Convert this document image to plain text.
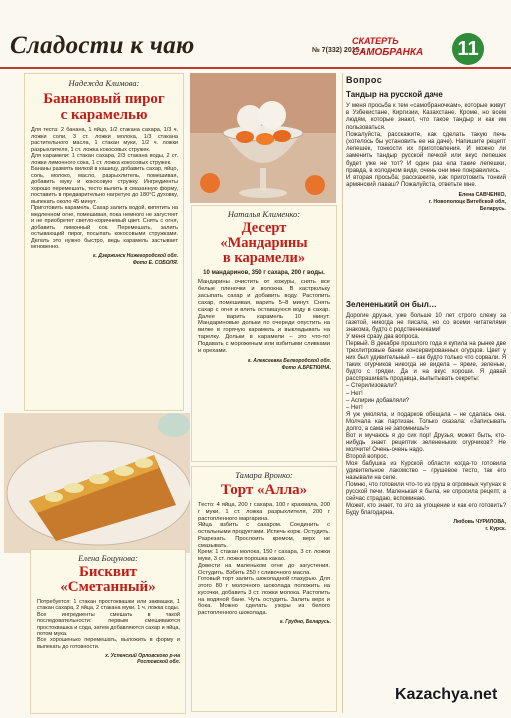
Сладости к чаю	№ 7(332) 2015 г.
СКАТЕРТЬ
САМОБРАНКА 11
Надежда Климова:
Банановый пирог
с карамелью
Для теста: 2 банана, 1 яйцо, 1/2 стакана сахара, 1/3 ч. ложки соли, 3 ст. ложки молока, 1/3 стакана растительного масла, 1 стакан муки, 1/2 ч. ложки разрыхлителя, 1 ст. ложка кокосовых стружек.
Для карамели: 1 стакан сахара, 2/3 стакана воды, 2 ст. ложки лимонного сока, 1 ст. ложка кокосовых стружек.
Бананы размять вилкой в кашицу, добавить сахар, яйцо, соль, молоко, масло, разрыхлитель, помешивая, добавить муку и кокосовую стружку. Ингредиенты хорошо перемешать, тесто вылить в смазанную форму, поставить в предварительно нагретую до 180°С духовку, выпекать около 45 минут.
Приготовить карамель. Сахар залить водой, кипятить на медленном огне, помешивая, пока немного не загустеет и не приобретет светло-коричневый цвет. Снять с огня, добавить лимонный сок. Перемешать, залить остывающий пирог, посыпать кокосовыми стружками. Делать это нужно быстро, ведь карамель застывает мгновенно.
г. Дзержинск Нижегородской обл.
Фото Е. СОБОЛЯ.
Елена Боцунова:
Бисквит
«Сметанный»
Потребуется: 1 стакан простоквашки или заквашки, 1 стакан сахара, 2 яйца, 2 стакана муки, 1 ч. ложка соды.
Все ингредиенты смешать в такой последовательности: первым смешиваются простоквашка и сода, затем добавляются сахар и яйца, потом мука.
Все хорошенько перемешать, выложить в форму и выпекать до готовности.
х. Успенский Орловского р-на
Ростовской обл.
Наталья Клименко:
Десерт
«Мандарины
в карамели»
10 мандаринов, 350 г сахара, 200 г воды.
Мандарины очистить от кожуры, снять все белые пленочки и волокна. В кастрюльку засыпать сахар и добавить воду. Растопить сахар, помешивая, варить 5–8 минут. Снять сахар с огня и влить оставшуюся воду в сахар. Далее варить карамель 10 минут. Мандариновые дольки по очереди опустить на вилке в горячую карамель и выкладывать на тарелку. Дольки в карамели – это что-то! Подавать с мороженым или взбитыми сливками и орехами.
г. Алексеевка Белгородской обл.
Фото А.БРЕТКИНА.
Тамара Вронко:
Торт «Алла»
Тесто: 4 яйца, 200 г сахара, 100 г крахмала, 200 г муки, 1 ст. ложка разрыхлителя, 200 г растопленного маргарина.
Яйца взбить с сахаром. Соединить с остальными продуктами. Испечь корж. Остудить. Разрезать. Прослоить кремом, верх не смазывать.
Крем: 1 стакан молока, 150 г сахара, 3 ст. ложки муки, 3 ст. ложки порошка какао.
Довести на маленьком огне до загустения. Остудить. Взбить 250 г сливочного масла.
Готовый торт залить шоколадной глазурью. Для этого 80 г молочного шоколада положить на кусочки, добавить 3 ст. ложки молока. Растопить на водяной бане. Чуть остудить. Залить верх и бока. Можно сделать узоры из белого растопленного шоколада.
г. Грудно, Беларусь.
Вопрос
Тандыр на русской даче
У меня просьба к тем «самобраночкам», которые живут в Узбекистане, Киргизии, Казахстане. Кроме, но всем людям, которые знают, что такое тандыр и как им пользоваться.
Пожалуйста, расскажите, как сделать такую печь (хотелось бы установить ее на даче). Напишите рецепт лепешек, тонкости их приготовления. И можно ли заменить тандыр русской печкой или вкус лепешек будет уже не тот? И один раз ела такие лепешки, правда, в холодном виде, очень они мне понравились.
И вторая просьба: расскажите, как приготовить тонкий армянский лаваш? Пожалуйста, ответьте мне.
Елена САВЧЕНКО,
г. Новополоцк Витебской обл,
Беларусь.
Зелененький он был…
Дорогие друзья, уже больше 10 лет строго слежу за газетой, никогда не писала, но со всеми читателями знакома, будто с родственниками!
У меня сразу два вопроса.
Первый. В декабре прошлого года я купила на рынке две трехлитровые банки консервированных огурцов. Цвет у них был удивительный – как будто только что сорвали. Я таких огурчиков никогда не видела – яркие, зеленые, будто с грядки. Да и на вкус хороши. Я давай расспрашивать продавца, выпытывать секреты:
– Стерилизовали?
– Нет!
– Аспирин добавляли?
– Нет!
Я уж умоляла, и подарков обещала – не сдалась она. Молчала как партизан. Только сказала: «Записывать долго, а сама не запомнишь!»
Вот и мучаюсь я до сих пор! Друзья, может быть, кто-нибудь знает рецептик зелененьких огурчиков? Не молчите! Очень-очень надо.
Второй вопрос.
Моя бабушка из Курской области когда-то готовила удивительное лакомство – грушевое тесто, так его называли на селе.
Помню, что готовили что-то из груш в огромных чугунах в русской печи. Маленькая я была, не спросила рецепт, а сейчас страдаю, вспоминаю.
Может, кто знает, то это за угощение и как его готовить? Буду благодарна.
Любовь ЧУРИЛОВА,
г. Курск.
Kazachya.net
